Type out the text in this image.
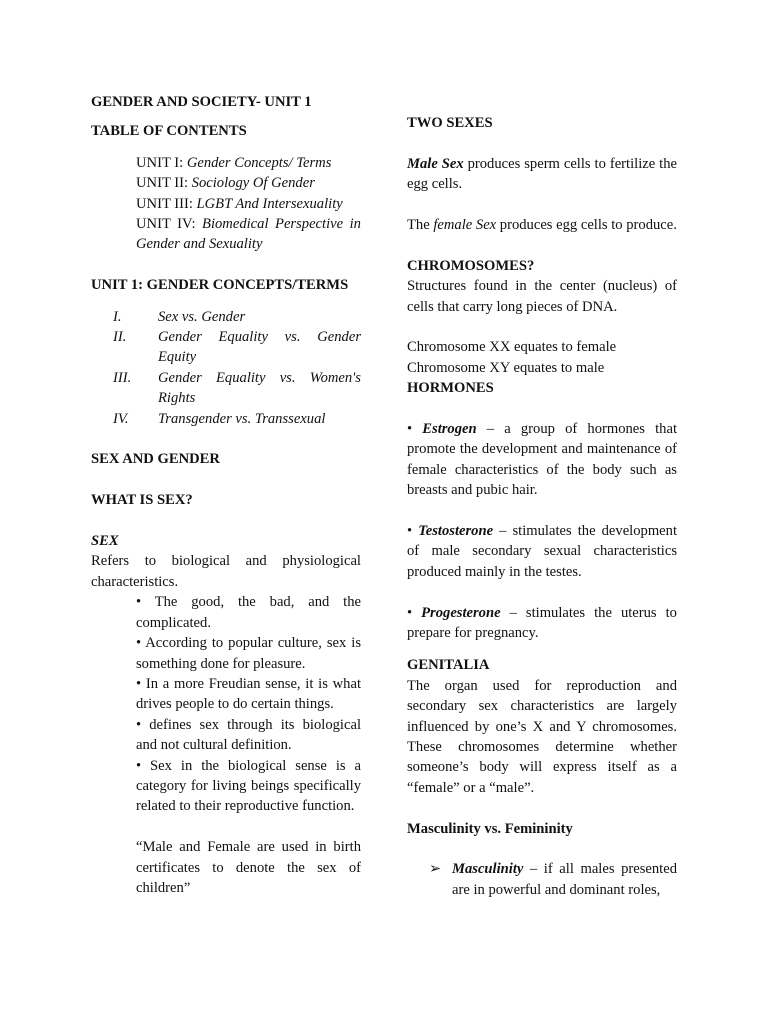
GENDER AND SOCIETY- UNIT 1

TABLE OF CONTENTS

UNIT I: Gender Concepts/ Terms

UNIT II: Sociology Of Gender

UNIT III: LGBT And Intersexuality

UNIT IV: Biomedical Perspective in Gender and Sexuality

UNIT 1: GENDER CONCEPTS/TERMS

I.	Sex vs. Gender
II.	Gender Equality vs. Gender Equity
III.	Gender Equality vs. Women's Rights
IV.	Transgender vs. Transsexual

SEX AND GENDER

WHAT IS SEX?

SEX

Refers to biological and physiological characteristics.

• The good, the bad, and the complicated.

• According to popular culture, sex is something done for pleasure.

• In a more Freudian sense, it is what drives people to do certain things.

• defines sex through its biological and not cultural definition.

• Sex in the biological sense is a category for living beings specifically related to their reproductive function.

“Male and Female are used in birth certificates to denote the sex of children”

TWO SEXES

Male Sex produces sperm cells to fertilize the egg cells.

The female Sex produces egg cells to produce.

CHROMOSOMES?

Structures found in the center (nucleus) of cells that carry long pieces of DNA.

Chromosome XX equates to female

Chromosome XY equates to male

HORMONES

• Estrogen – a group of hormones that promote the development and maintenance of female characteristics of the body such as breasts and pubic hair.

• Testosterone – stimulates the development of male secondary sexual characteristics produced mainly in the testes.

• Progesterone – stimulates the uterus to prepare for pregnancy.

GENITALIA

The organ used for reproduction and secondary sex characteristics are largely influenced by one’s X and Y chromosomes. These chromosomes determine whether someone’s body will express itself as a “female” or a “male”.

Masculinity vs. Femininity

➢ Masculinity – if all males presented are in powerful and dominant roles,
